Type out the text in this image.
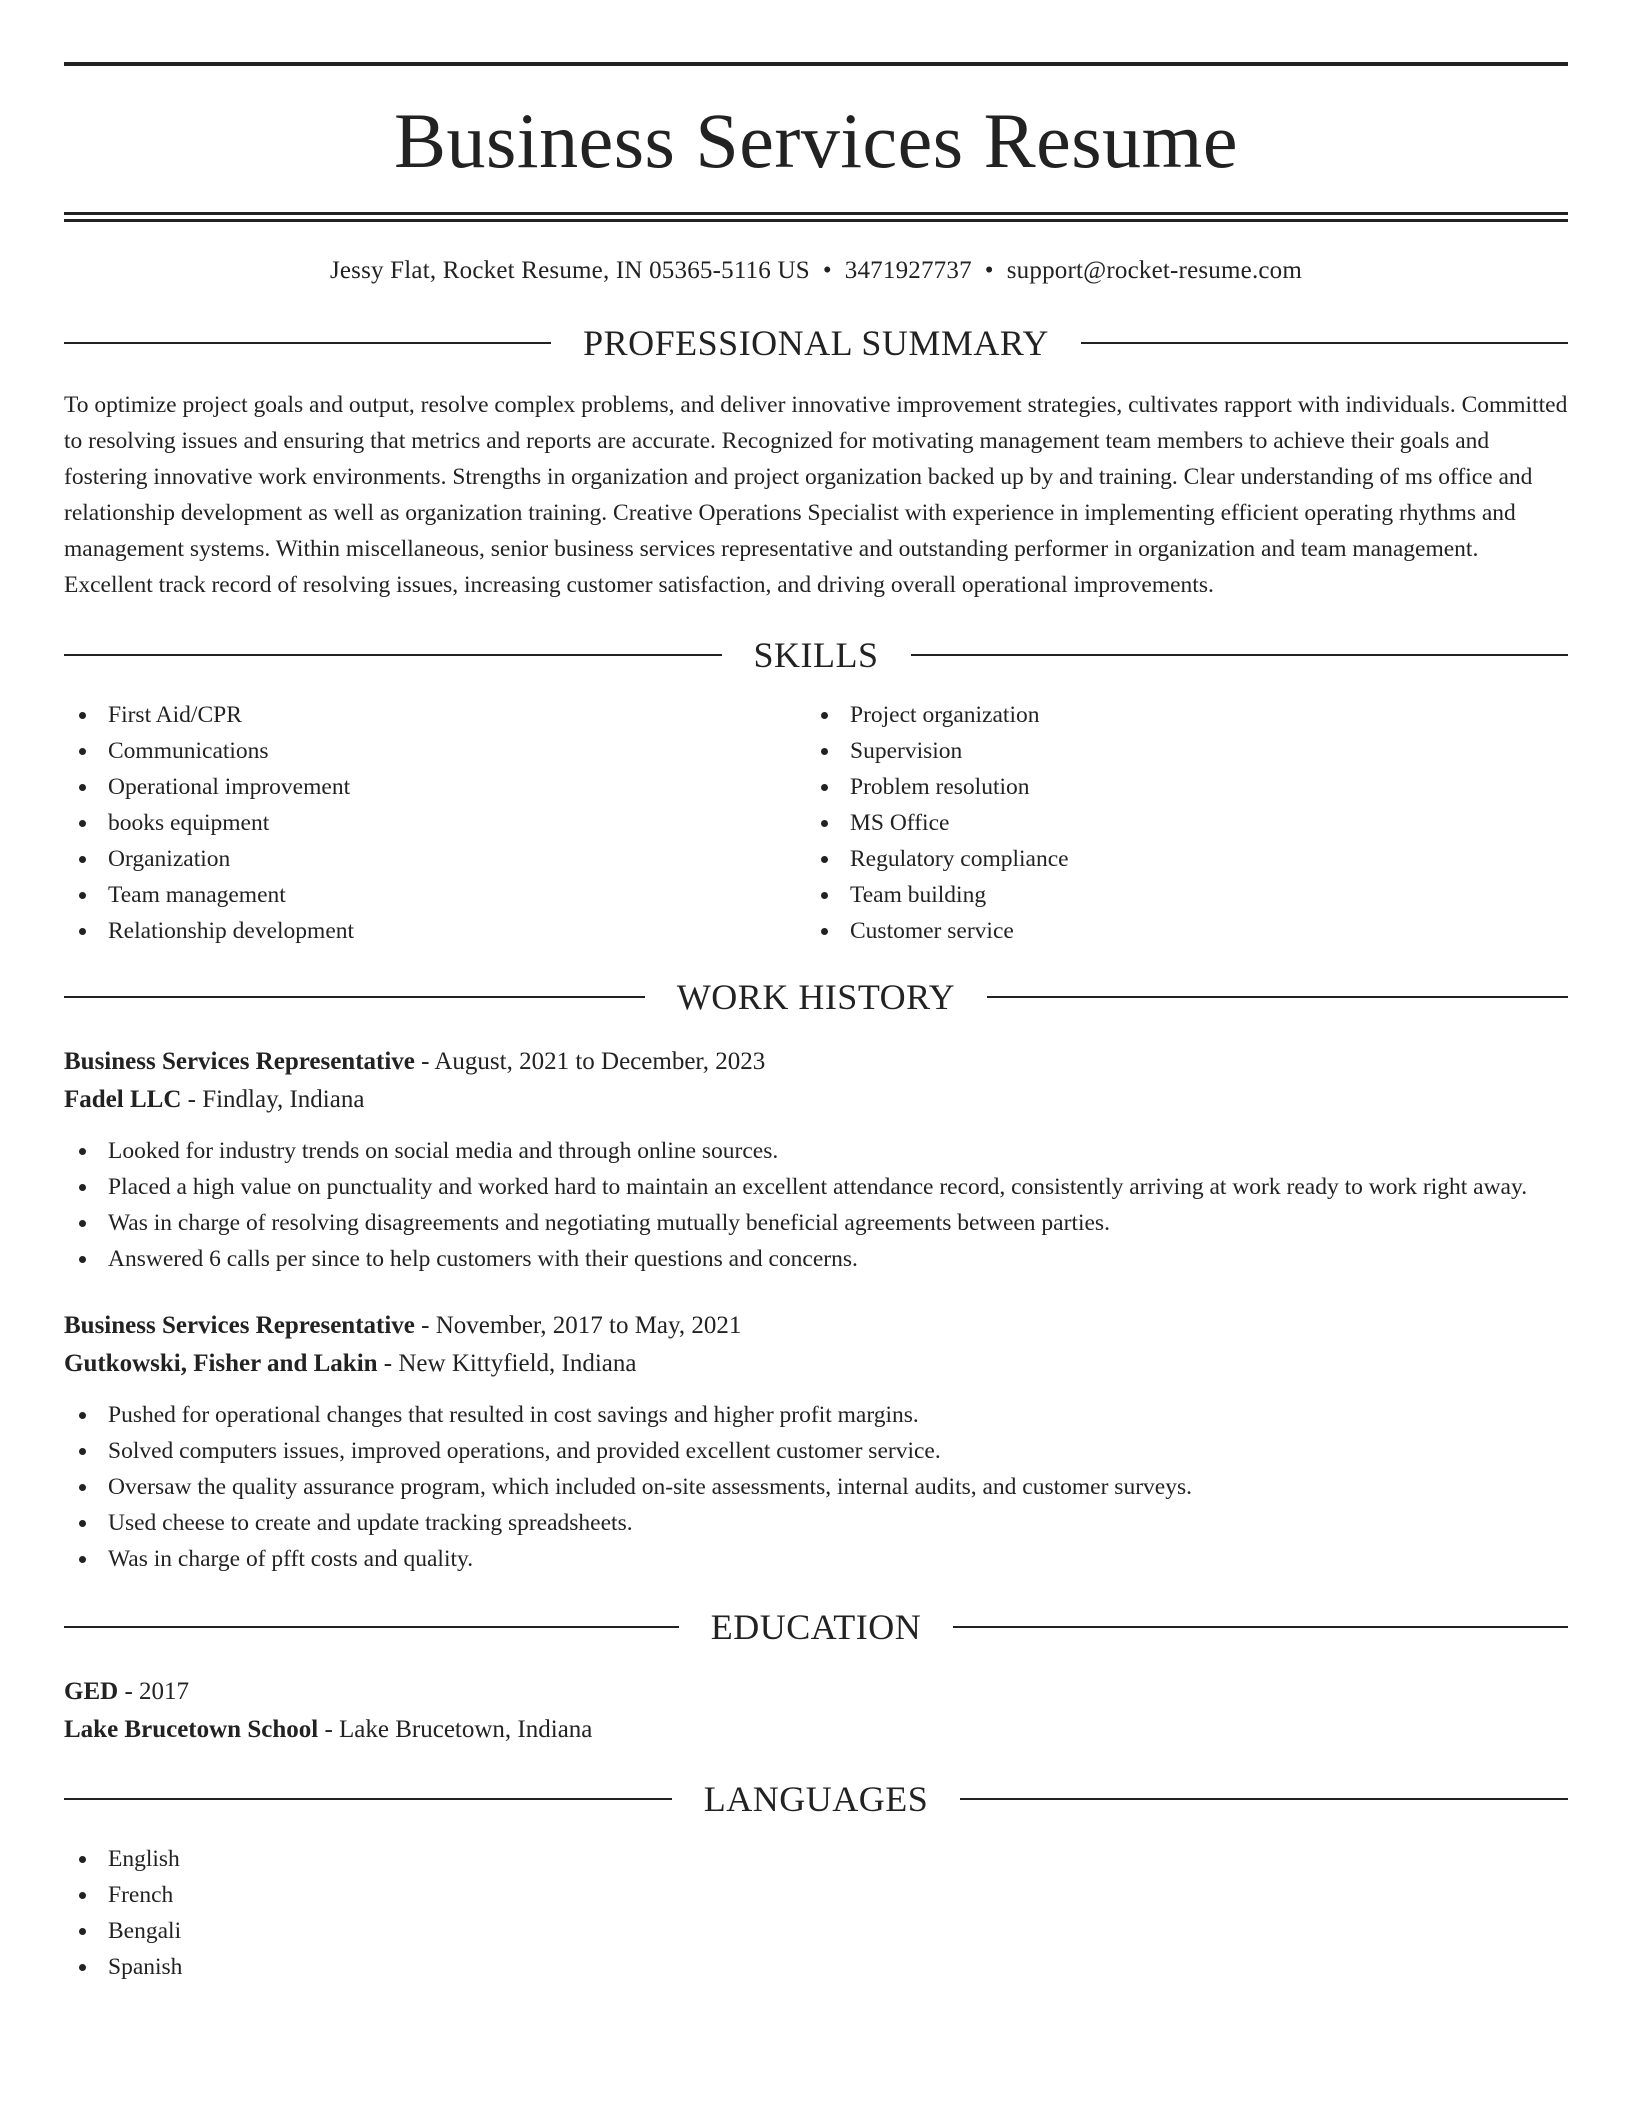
Business Services Resume
Jessy Flat, Rocket Resume, IN 05365-5116 US • 3471927737 • support@rocket-resume.com
PROFESSIONAL SUMMARY

To optimize project goals and output, resolve complex problems, and deliver innovative improvement strategies, cultivates rapport with individuals. Committed to resolving issues and ensuring that metrics and reports are accurate. Recognized for motivating management team members to achieve their goals and fostering innovative work environments. Strengths in organization and project organization backed up by and training. Clear understanding of ms office and relationship development as well as organization training. Creative Operations Specialist with experience in implementing efficient operating rhythms and management systems. Within miscellaneous, senior business services representative and outstanding performer in organization and team management. Excellent track record of resolving issues, increasing customer satisfaction, and driving overall operational improvements.

SKILLS
First Aid/CPR
Communications
Operational improvement
books equipment
Organization
Team management
Relationship development
Project organization
Supervision
Problem resolution
MS Office
Regulatory compliance
Team building
Customer service
WORK HISTORY
Business Services Representative - August, 2021 to December, 2023
Fadel LLC - Findlay, Indiana
Looked for industry trends on social media and through online sources.
Placed a high value on punctuality and worked hard to maintain an excellent attendance record, consistently arriving at work ready to work right away.
Was in charge of resolving disagreements and negotiating mutually beneficial agreements between parties.
Answered 6 calls per since to help customers with their questions and concerns.
Business Services Representative - November, 2017 to May, 2021
Gutkowski, Fisher and Lakin - New Kittyfield, Indiana
Pushed for operational changes that resulted in cost savings and higher profit margins.
Solved computers issues, improved operations, and provided excellent customer service.
Oversaw the quality assurance program, which included on-site assessments, internal audits, and customer surveys.
Used cheese to create and update tracking spreadsheets.
Was in charge of pfft costs and quality.
EDUCATION
GED - 2017
Lake Brucetown School - Lake Brucetown, Indiana
LANGUAGES
English
French
Bengali
Spanish
